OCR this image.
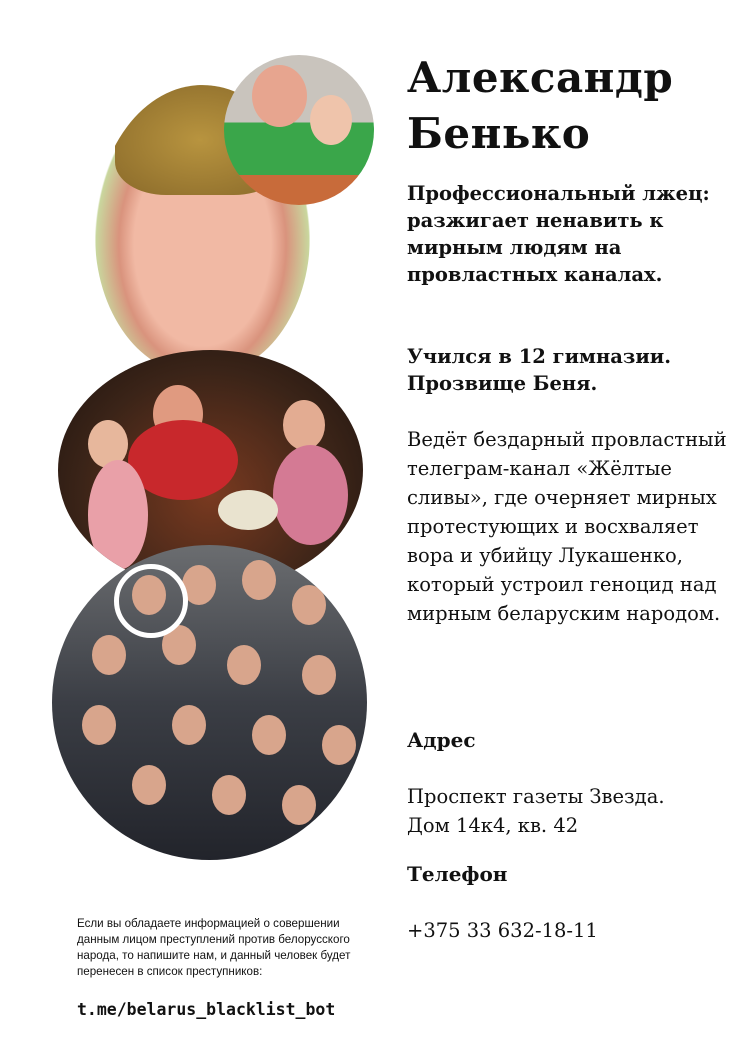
Александр
Бенько
Профессиональный лжец: разжигает ненавить к мирным людям на провластных каналах.
Учился в 12 гимназии.
Прозвище Беня.
Ведёт бездарный провластный телеграм-канал «Жёлтые сливы», где очерняет мирных протестующих и восхваляет вора и убийцу Лукашенко, который устроил геноцид над мирным беларуским народом.
Адрес
Проспект газеты Звезда.
Дом 14к4, кв. 42
Телефон
+375 33 632-18-11
Если вы обладаете информацией о совершении данным лицом преступлений против белорусского народа, то напишите нам, и данный человек будет перенесен в список преступников:
t.me/belarus_blacklist_bot
